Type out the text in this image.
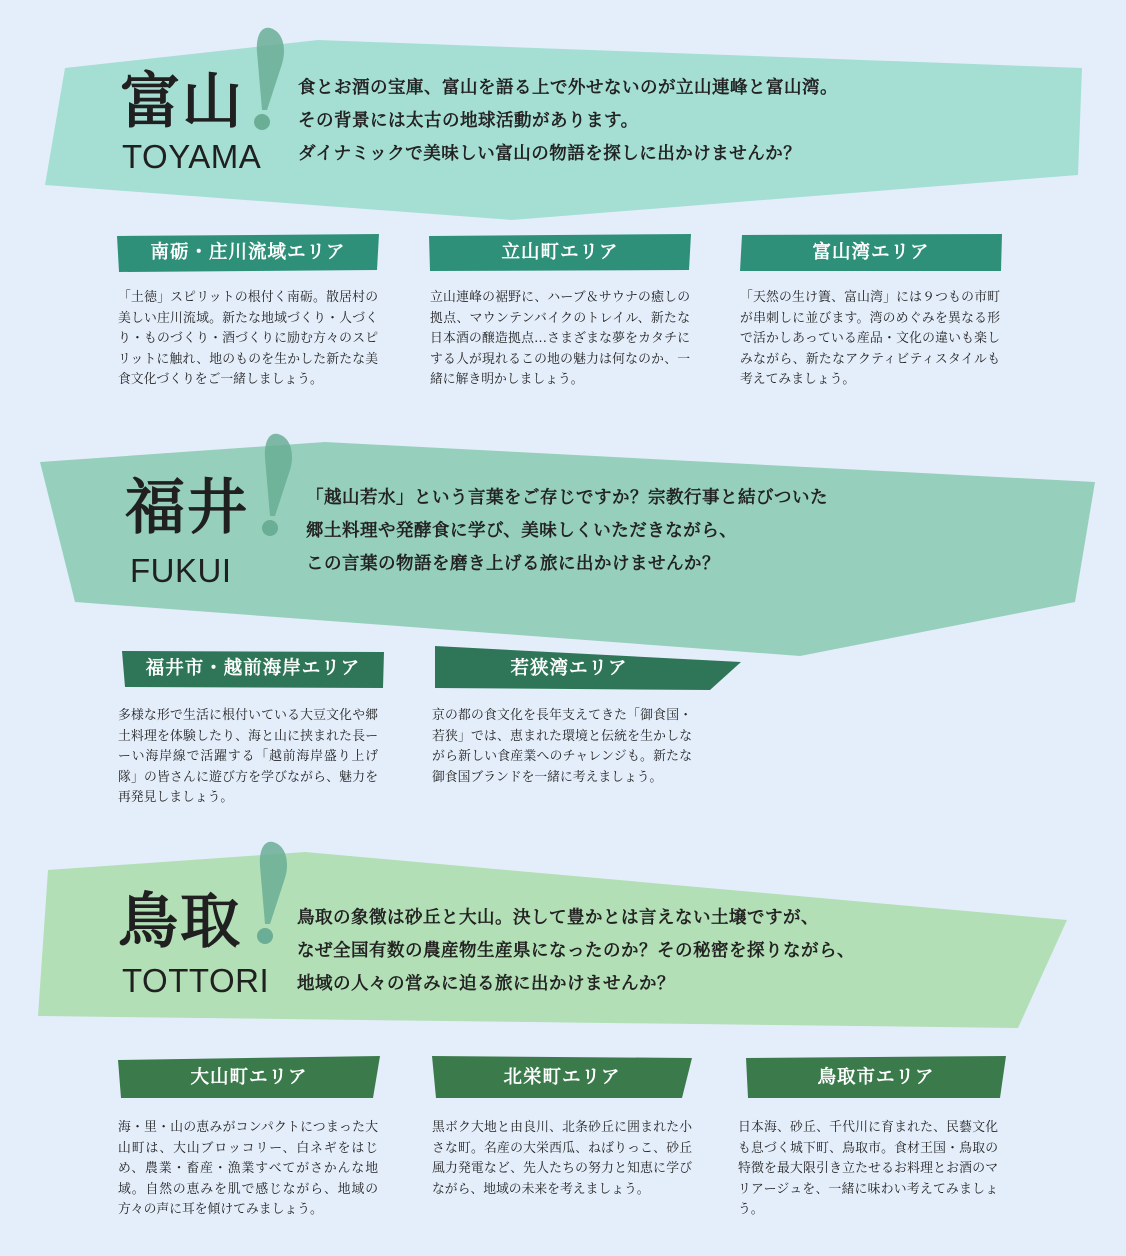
富山
TOYAMA
食とお酒の宝庫、富山を語る上で外せないのが立山連峰と富山湾。
その背景には太古の地球活動があります。
ダイナミックで美味しい富山の物語を探しに出かけませんか？
南砺・庄川流域エリア
「土徳」スピリットの根付く南砺。散居村の美しい庄川流域。新たな地域づくり・人づくり・ものづくり・酒づくりに励む方々のスピリットに触れ、地のものを生かした新たな美食文化づくりをご一緒しましょう。
立山町エリア
立山連峰の裾野に、ハーブ＆サウナの癒しの拠点、マウンテンバイクのトレイル、新たな日本酒の醸造拠点…さまざまな夢をカタチにする人が現れるこの地の魅力は何なのか、一緒に解き明かしましょう。
富山湾エリア
「天然の生け簀、富山湾」には９つもの市町が串刺しに並びます。湾のめぐみを異なる形で活かしあっている産品・文化の違いも楽しみながら、新たなアクティビティスタイルも考えてみましょう。
福井
FUKUI
「越山若水」という言葉をご存じですか？宗教行事と結びついた
郷土料理や発酵食に学び、美味しくいただきながら、
この言葉の物語を磨き上げる旅に出かけませんか？
福井市・越前海岸エリア
多様な形で生活に根付いている大豆文化や郷土料理を体験したり、海と山に挟まれた長ーーい海岸線で活躍する「越前海岸盛り上げ隊」の皆さんに遊び方を学びながら、魅力を再発見しましょう。
若狭湾エリア
京の都の食文化を長年支えてきた「御食国・若狭」では、恵まれた環境と伝統を生かしながら新しい食産業へのチャレンジも。新たな御食国ブランドを一緒に考えましょう。
鳥取
TOTTORI
鳥取の象徴は砂丘と大山。決して豊かとは言えない土壌ですが、
なぜ全国有数の農産物生産県になったのか？その秘密を探りながら、
地域の人々の営みに迫る旅に出かけませんか？
大山町エリア
海・里・山の恵みがコンパクトにつまった大山町は、大山ブロッコリー、白ネギをはじめ、農業・畜産・漁業すべてがさかんな地域。自然の恵みを肌で感じながら、地域の方々の声に耳を傾けてみましょう。
北栄町エリア
黒ボク大地と由良川、北条砂丘に囲まれた小さな町。名産の大栄西瓜、ねばりっこ、砂丘風力発電など、先人たちの努力と知恵に学びながら、地域の未来を考えましょう。
鳥取市エリア
日本海、砂丘、千代川に育まれた、民藝文化も息づく城下町、鳥取市。食材王国・鳥取の特徴を最大限引き立たせるお料理とお酒のマリアージュを、一緒に味わい考えてみましょう。
